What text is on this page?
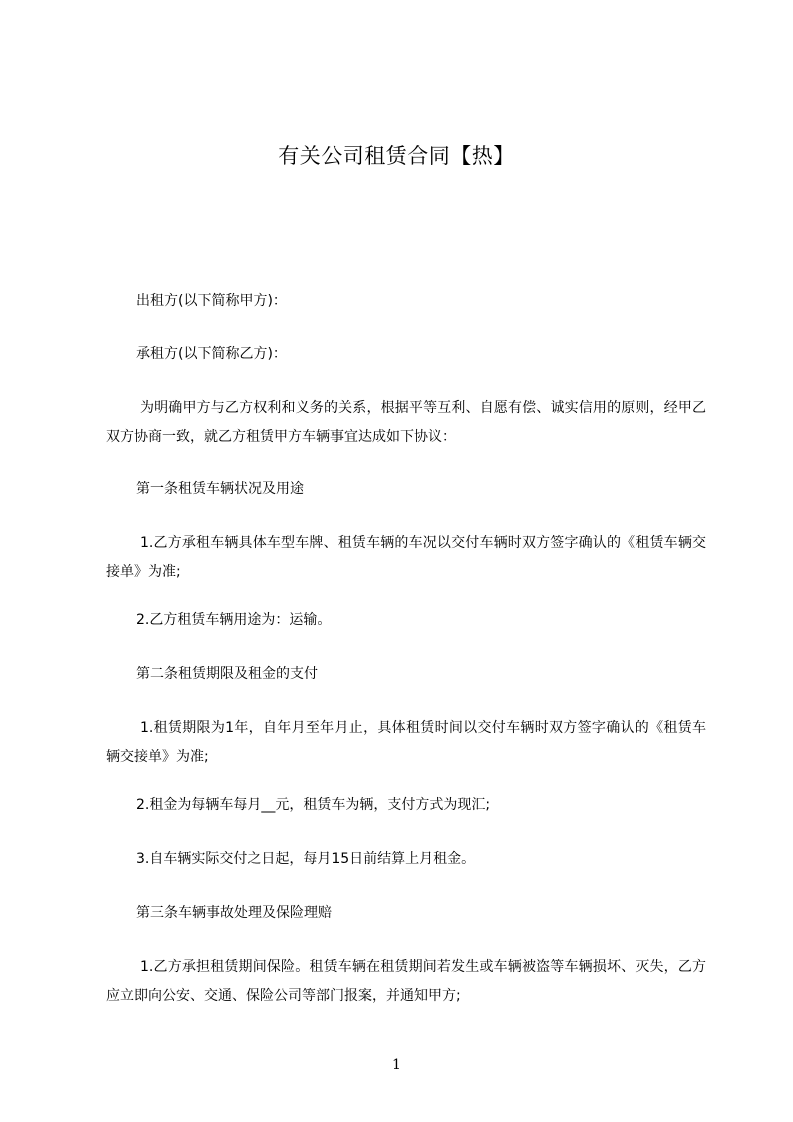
有关公司租赁合同【热】

出租方(以下简称甲方)：

承租方(以下简称乙方)：

为明确甲方与乙方权利和义务的关系，根据平等互利、自愿有偿、诚实信用的原则，经甲乙双方协商一致，就乙方租赁甲方车辆事宜达成如下协议：

第一条租赁车辆状况及用途

1.乙方承租车辆具体车型车牌、租赁车辆的车况以交付车辆时双方签字确认的《租赁车辆交接单》为准;

2.乙方租赁车辆用途为：运输。

第二条租赁期限及租金的支付

1.租赁期限为1年，自年月至年月止，具体租赁时间以交付车辆时双方签字确认的《租赁车辆交接单》为准;

2.租金为每辆车每月__元，租赁车为辆，支付方式为现汇;

3.自车辆实际交付之日起，每月15日前结算上月租金。

第三条车辆事故处理及保险理赔

1.乙方承担租赁期间保险。租赁车辆在租赁期间若发生或车辆被盗等车辆损坏、灭失，乙方应立即向公安、交通、保险公司等部门报案，并通知甲方;

1
